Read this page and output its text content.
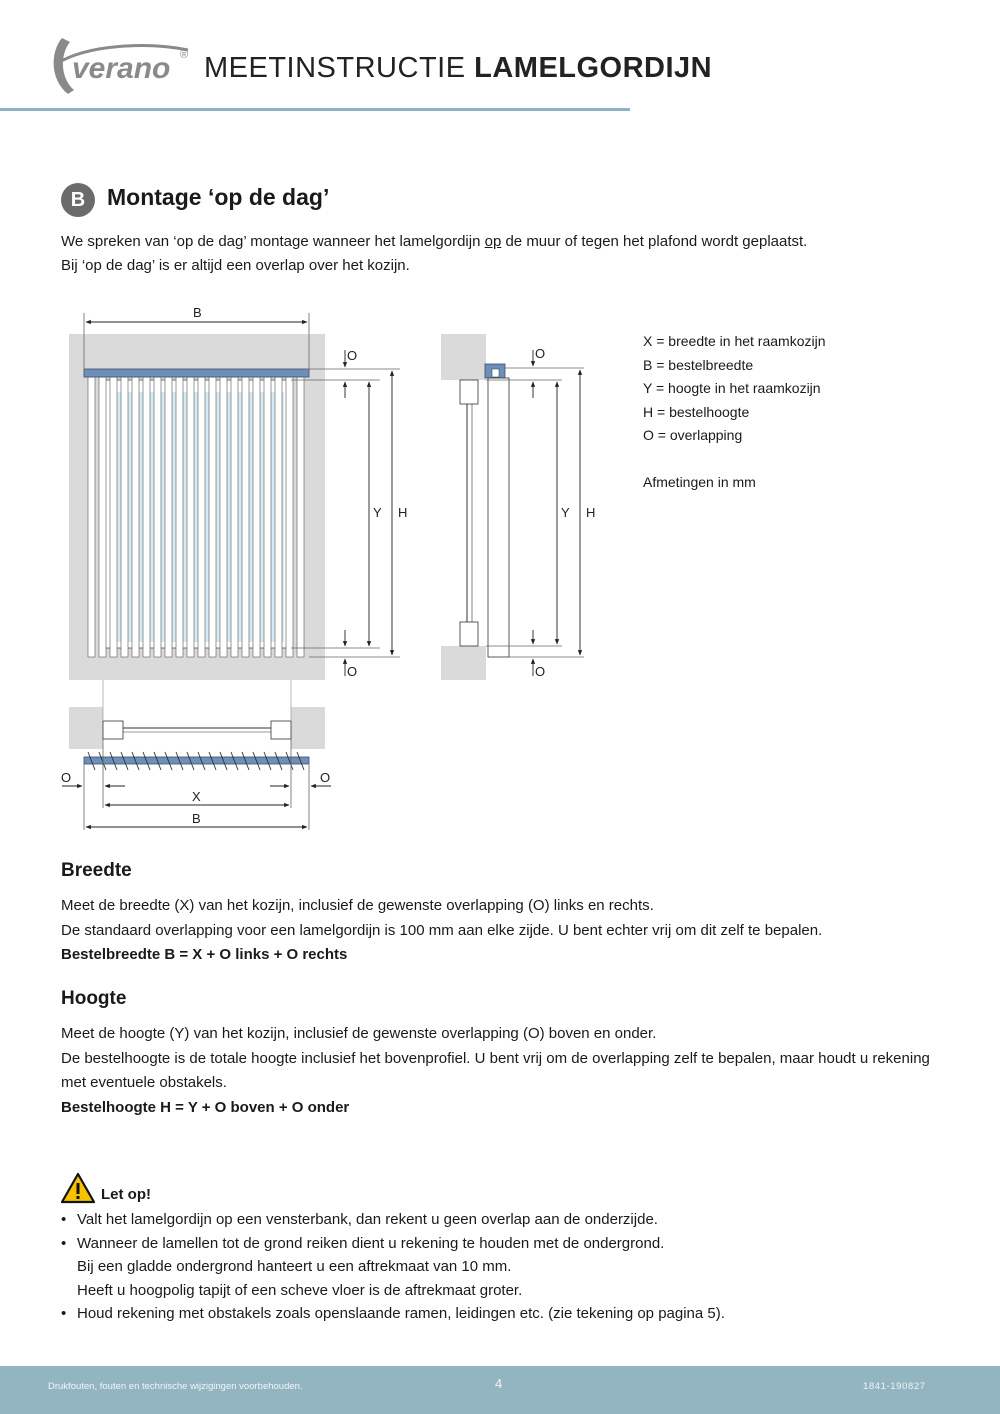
verano ® MEETINSTRUCTIE LAMELGORDIJN
B Montage ‘op de dag’

We spreken van ‘op de dag’ montage wanneer het lamelgordijn op de muur of tegen het plafond wordt geplaatst.

Bij ‘op de dag’ is er altijd een overlap over het kozijn.

B
O
O
Y H
O
O
Y H
O	O
X
B
X = breedte in het raamkozijn
B = bestelbreedte
Y = hoogte in het raamkozijn
H = bestelhoogte
O = overlapping
Afmetingen in mm
Breedte

Meet de breedte (X) van het kozijn, inclusief de gewenste overlapping (O) links en rechts.

De standaard overlapping voor een lamelgordijn is 100 mm aan elke zijde. U bent echter vrij om dit zelf te bepalen.

Bestelbreedte B = X + O links + O rechts

Hoogte

Meet de hoogte (Y) van het kozijn, inclusief de gewenste overlapping (O) boven en onder.

De bestelhoogte is de totale hoogte inclusief het bovenprofiel. U bent vrij om de overlapping zelf te bepalen, maar houdt u rekening met eventuele obstakels.

Bestelhoogte H = Y + O boven + O onder

Let op!
• Valt het lamelgordijn op een vensterbank, dan rekent u geen overlap aan de onderzijde.
• Wanneer de lamellen tot de grond reiken dient u rekening te houden met de ondergrond.
Bij een gladde ondergrond hanteert u een aftrekmaat van 10 mm.
Heeft u hoogpolig tapijt of een scheve vloer is de aftrekmaat groter.
• Houd rekening met obstakels zoals openslaande ramen, leidingen etc. (zie tekening op pagina 5).
Drukfouten, fouten en technische wijzigingen voorbehouden.	4	1841-190827
